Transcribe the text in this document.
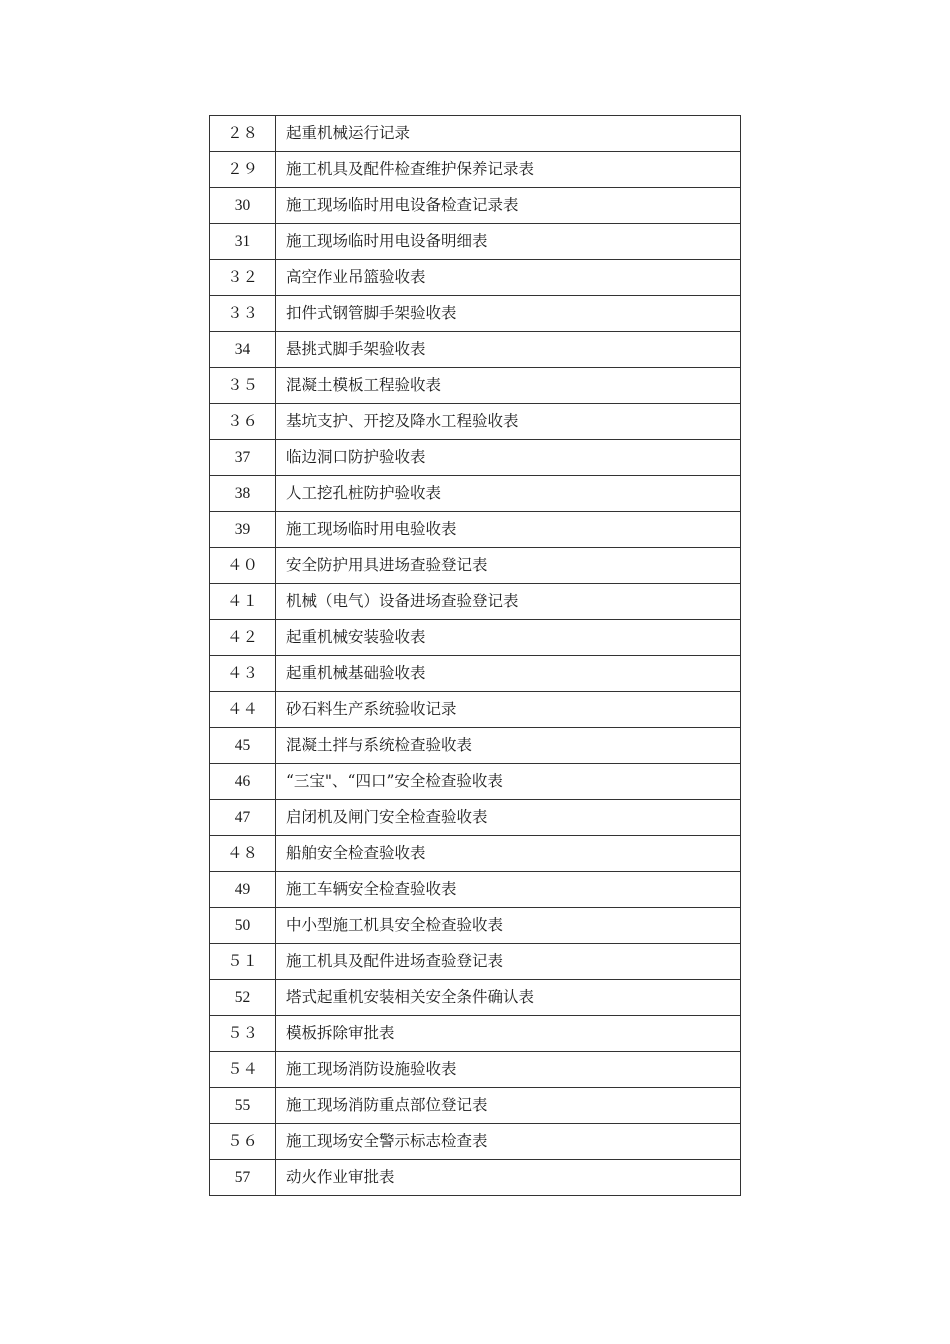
２８	起重机械运行记录
２９	施工机具及配件检查维护保养记录表
30	施工现场临时用电设备检查记录表
31	施工现场临时用电设备明细表
３２	高空作业吊篮验收表
３３	扣件式钢管脚手架验收表
34	悬挑式脚手架验收表
３５	混凝土模板工程验收表
３６	基坑支护、开挖及降水工程验收表
37	临边洞口防护验收表
38	人工挖孔桩防护验收表
39	施工现场临时用电验收表
４０	安全防护用具进场查验登记表
４１	机械（电气）设备进场查验登记表
４２	起重机械安装验收表
４３	起重机械基础验收表
４４	砂石料生产系统验收记录
45	混凝土拌与系统检查验收表
46	“三宝"、“四口”安全检查验收表
47	启闭机及闸门安全检查验收表
４８	船舶安全检查验收表
49	施工车辆安全检查验收表
50	中小型施工机具安全检查验收表
５１	施工机具及配件进场查验登记表
52	塔式起重机安装相关安全条件确认表
５３	模板拆除审批表
５４	施工现场消防设施验收表
55	施工现场消防重点部位登记表
５６	施工现场安全警示标志检查表
57	动火作业审批表
